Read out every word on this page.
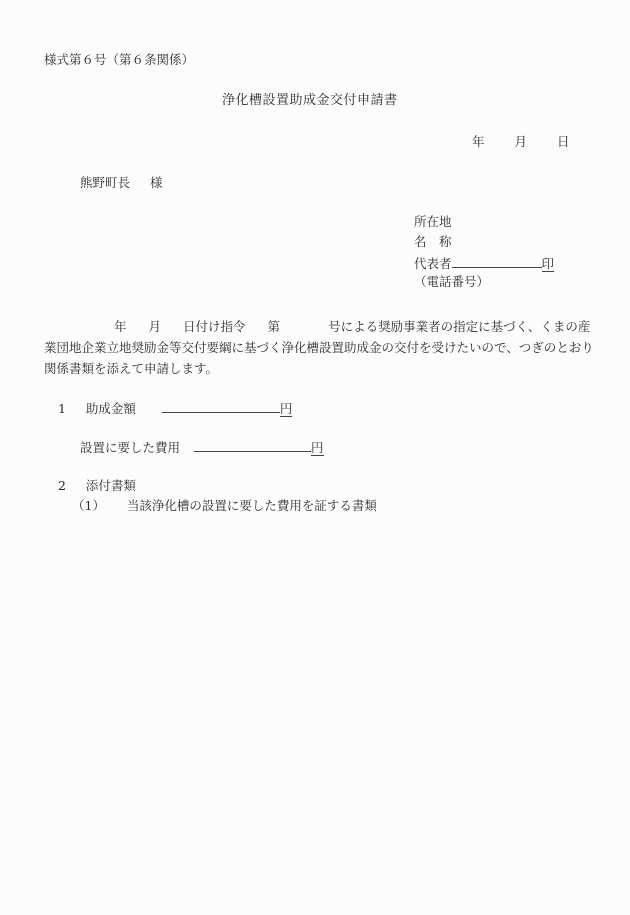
様式第６号（第６条関係）
浄化槽設置助成金交付申請書
年 月 日
熊野町長 様
所在地
名　称
代表者	印
（電話番号）
年 月 日付け指令 第	号による奨励事業者の指定に基づく、くまの産
業団地企業立地奨励金等交付要綱に基づく浄化槽設置助成金の交付を受けたいので、つぎのとおり
関係書類を添えて申請します。
1 助成金額	円
設置に要した費用	円
2 添付書類
（1） 当該浄化槽の設置に要した費用を証する書類
